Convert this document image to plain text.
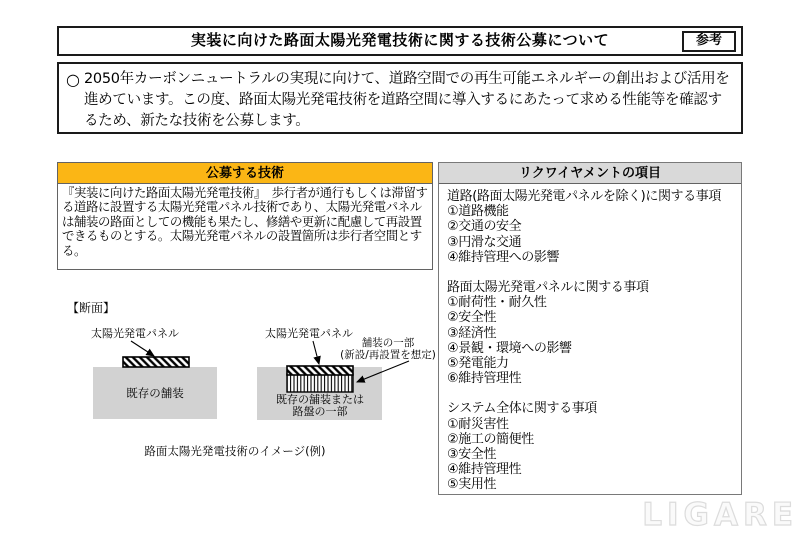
実装に向けた路面太陽光発電技術に関する技術公募について	参考
○ 2050年カーボンニュートラルの実現に向けて、道路空間での再生可能エネルギーの創出および活用を進めています。この度、路面太陽光発電技術を道路空間に導入するにあたって求める性能等を確認するため、新たな技術を公募します。

公募する技術
『実装に向けた路面太陽光発電技術』　歩行者が通行もしくは滞留する道路に設置する太陽光発電パネル技術であり、太陽光発電パネルは舗装の路面としての機能も果たし、修繕や更新に配慮して再設置できるものとする。太陽光発電パネルの設置箇所は歩行者空間とする。
リクワイヤメントの項目
道路(路面太陽光発電パネルを除く)に関する事項
①道路機能
②交通の安全
③円滑な交通
④維持管理への影響
路面太陽光発電パネルに関する事項
①耐荷性・耐久性
②安全性
③経済性
④景観・環境への影響
⑤発電能力
⑥維持管理性
システム全体に関する事項
①耐災害性
②施工の簡便性
③安全性
④維持管理性
⑤実用性
【断面】
太陽光発電パネル
既存の舗装
太陽光発電パネル
舗装の一部
(新設/再設置を想定)
既存の舗装または
路盤の一部
路面太陽光発電技術のイメージ(例)
LIGARE
